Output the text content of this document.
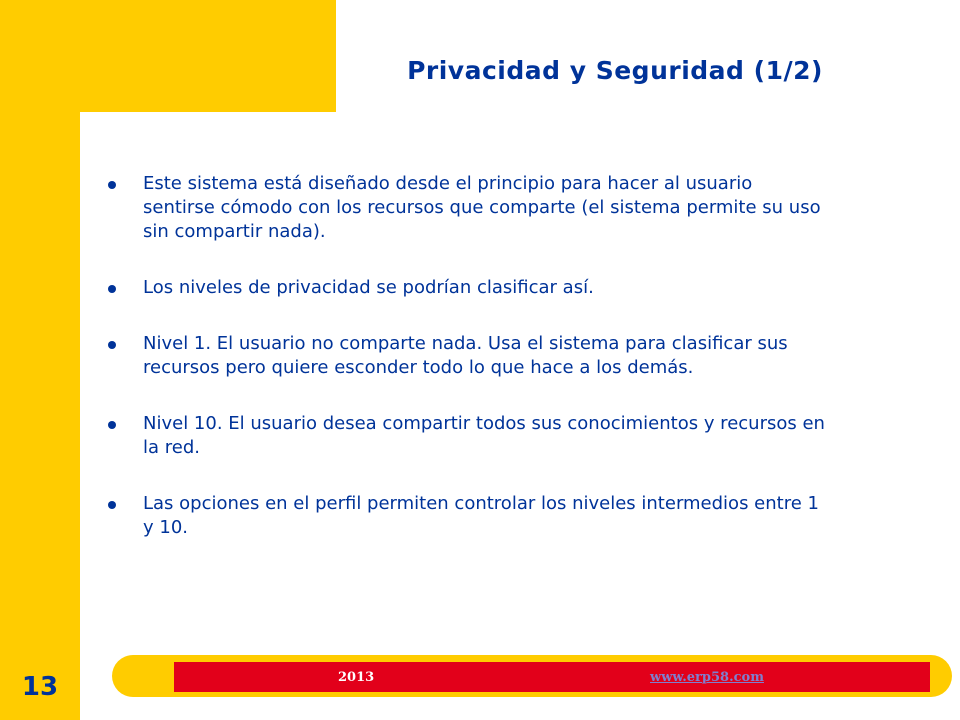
Privacidad y Seguridad (1/2)
Este sistema está diseñado desde el principio para hacer al usuario sentirse cómodo con los recursos que comparte (el sistema permite su uso sin compartir nada).
Los niveles de privacidad se podrían clasificar así.
Nivel 1. El usuario no comparte nada. Usa el sistema para clasificar sus recursos pero quiere esconder todo lo que hace a los demás.
Nivel 10. El usuario desea compartir todos sus conocimientos y recursos en la red.
Las opciones en el perfil permiten controlar los niveles intermedios entre 1 y 10.
2013	www.erp58.com
13
